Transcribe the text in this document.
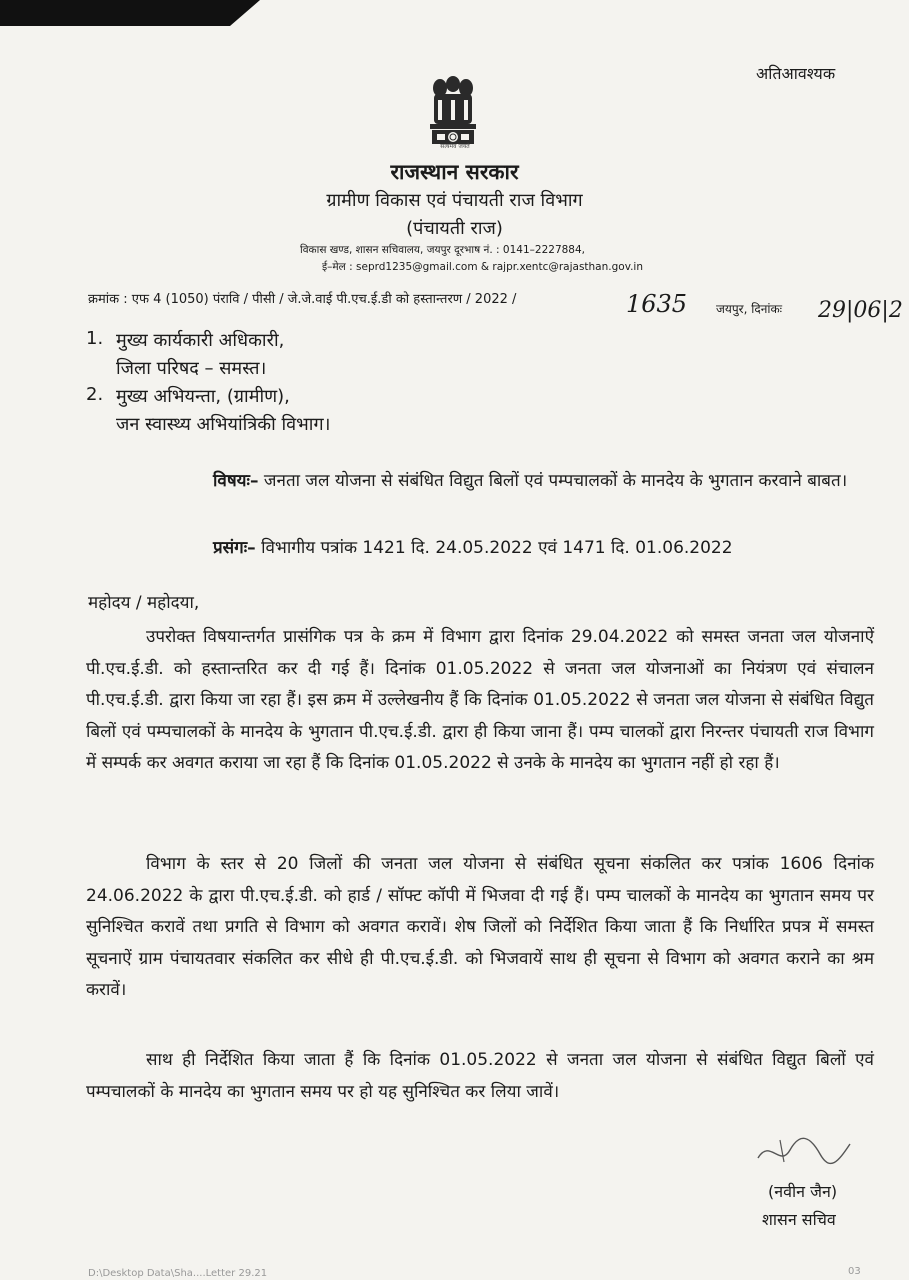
अतिआवश्यक
सत्यमेव जयते
राजस्थान सरकार
ग्रामीण विकास एवं पंचायती राज विभाग
(पंचायती राज)
विकास खण्ड, शासन सचिवालय, जयपुर दूरभाष नं. : 0141–2227884,
ई–मेल : seprd1235@gmail.com & rajpr.xentc@rajasthan.gov.in
क्रमांक : एफ 4 (1050) पंरावि / पीसी / जे.जे.वाई पी.एच.ई.डी को हस्तान्तरण / 2022 /	1635 जयपुर, दिनांकः 29|06|2
1. मुख्य कार्यकारी अधिकारी,
जिला परिषद – समस्त।
2. मुख्य अभियन्ता, (ग्रामीण),
जन स्वास्थ्य अभियांत्रिकी विभाग।
विषयः– जनता जल योजना से संबंधित विद्युत बिलों एवं पम्पचालकों के मानदेय के भुगतान करवाने बाबत।
प्रसंगः– विभागीय पत्रांक 1421 दि. 24.05.2022 एवं 1471 दि. 01.06.2022
महोदय / महोदया,
उपरोक्त विषयान्तर्गत प्रासंगिक पत्र के क्रम में विभाग द्वारा दिनांक 29.04.2022 को समस्त जनता जल योजनाऐं पी.एच.ई.डी. को हस्तान्तरित कर दी गई हैं। दिनांक 01.05.2022 से जनता जल योजनाओं का नियंत्रण एवं संचालन पी.एच.ई.डी. द्वारा किया जा रहा हैं। इस क्रम में उल्लेखनीय हैं कि दिनांक 01.05.2022 से जनता जल योजना से संबंधित विद्युत बिलों एवं पम्पचालकों के मानदेय के भुगतान पी.एच.ई.डी. द्वारा ही किया जाना हैं। पम्प चालकों द्वारा निरन्तर पंचायती राज विभाग में सम्पर्क कर अवगत कराया जा रहा हैं कि दिनांक 01.05.2022 से उनके के मानदेय का भुगतान नहीं हो रहा हैं।
विभाग के स्तर से 20 जिलों की जनता जल योजना से संबंधित सूचना संकलित कर पत्रांक 1606 दिनांक 24.06.2022 के द्वारा पी.एच.ई.डी. को हार्ड / सॉफ्ट कॉपी में भिजवा दी गई हैं। पम्प चालकों के मानदेय का भुगतान समय पर सुनिश्चित करावें तथा प्रगति से विभाग को अवगत करावें। शेष जिलों को निर्देशित किया जाता हैं कि निर्धारित प्रपत्र में समस्त सूचनाऐं ग्राम पंचायतवार संकलित कर सीधे ही पी.एच.ई.डी. को भिजवायें साथ ही सूचना से विभाग को अवगत कराने का श्रम करावें।
साथ ही निर्देशित किया जाता हैं कि दिनांक 01.05.2022 से जनता जल योजना से संबंधित विद्युत बिलों एवं पम्पचालकों के मानदेय का भुगतान समय पर हो यह सुनिश्चित कर लिया जावें।
(नवीन जैन)
शासन सचिव
D:\Desktop Data\Sha....Letter 29.21	03
